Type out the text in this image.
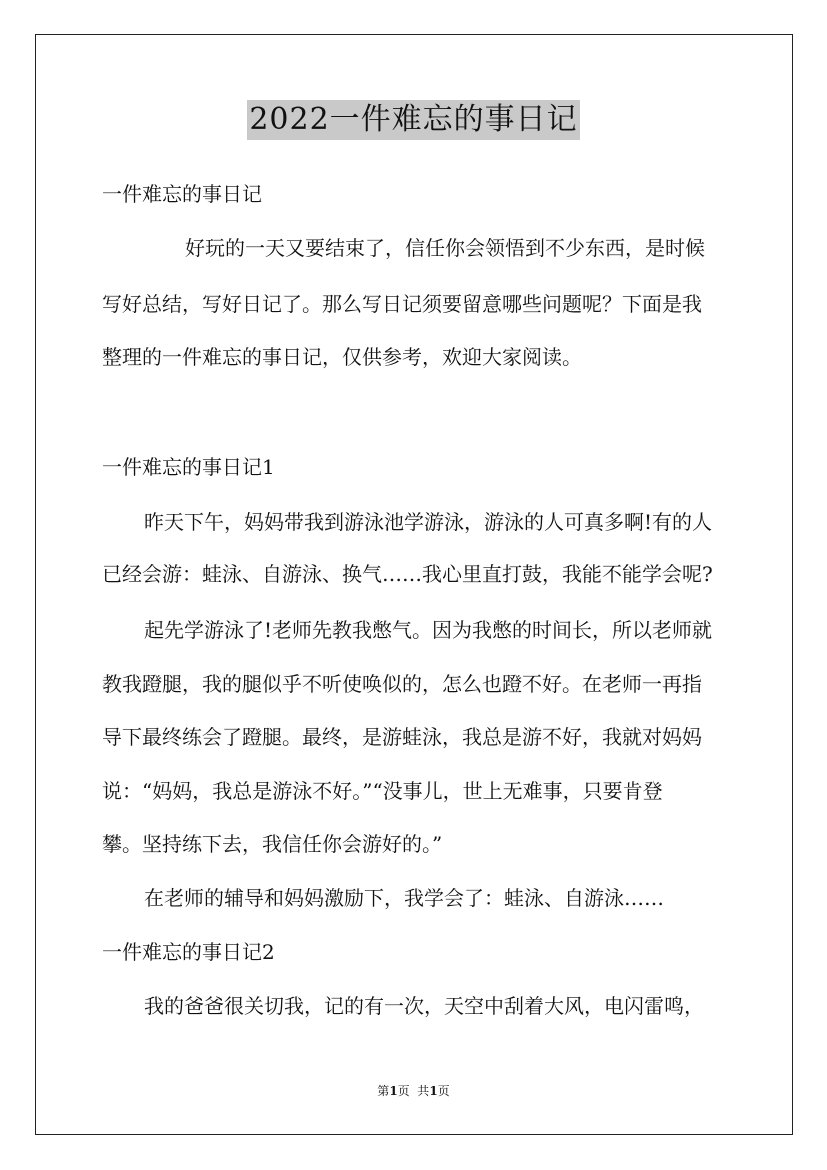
2022一件难忘的事日记
一件难忘的事日记
好玩的一天又要结束了，信任你会领悟到不少东西，是时候
写好总结，写好日记了。那么写日记须要留意哪些问题呢？下面是我
整理的一件难忘的事日记，仅供参考，欢迎大家阅读。
一件难忘的事日记1
昨天下午，妈妈带我到游泳池学游泳，游泳的人可真多啊!有的人
已经会游：蛙泳、自游泳、换气……我心里直打鼓，我能不能学会呢?
起先学游泳了!老师先教我憋气。因为我憋的时间长，所以老师就
教我蹬腿，我的腿似乎不听使唤似的，怎么也蹬不好。在老师一再指
导下最终练会了蹬腿。最终，是游蛙泳，我总是游不好，我就对妈妈
说：“妈妈，我总是游泳不好。”“没事儿，世上无难事，只要肯登
攀。坚持练下去，我信任你会游好的。”
在老师的辅导和妈妈激励下，我学会了：蛙泳、自游泳……
一件难忘的事日记2
我的爸爸很关切我，记的有一次，天空中刮着大风，电闪雷鸣，
第1页  共1页
